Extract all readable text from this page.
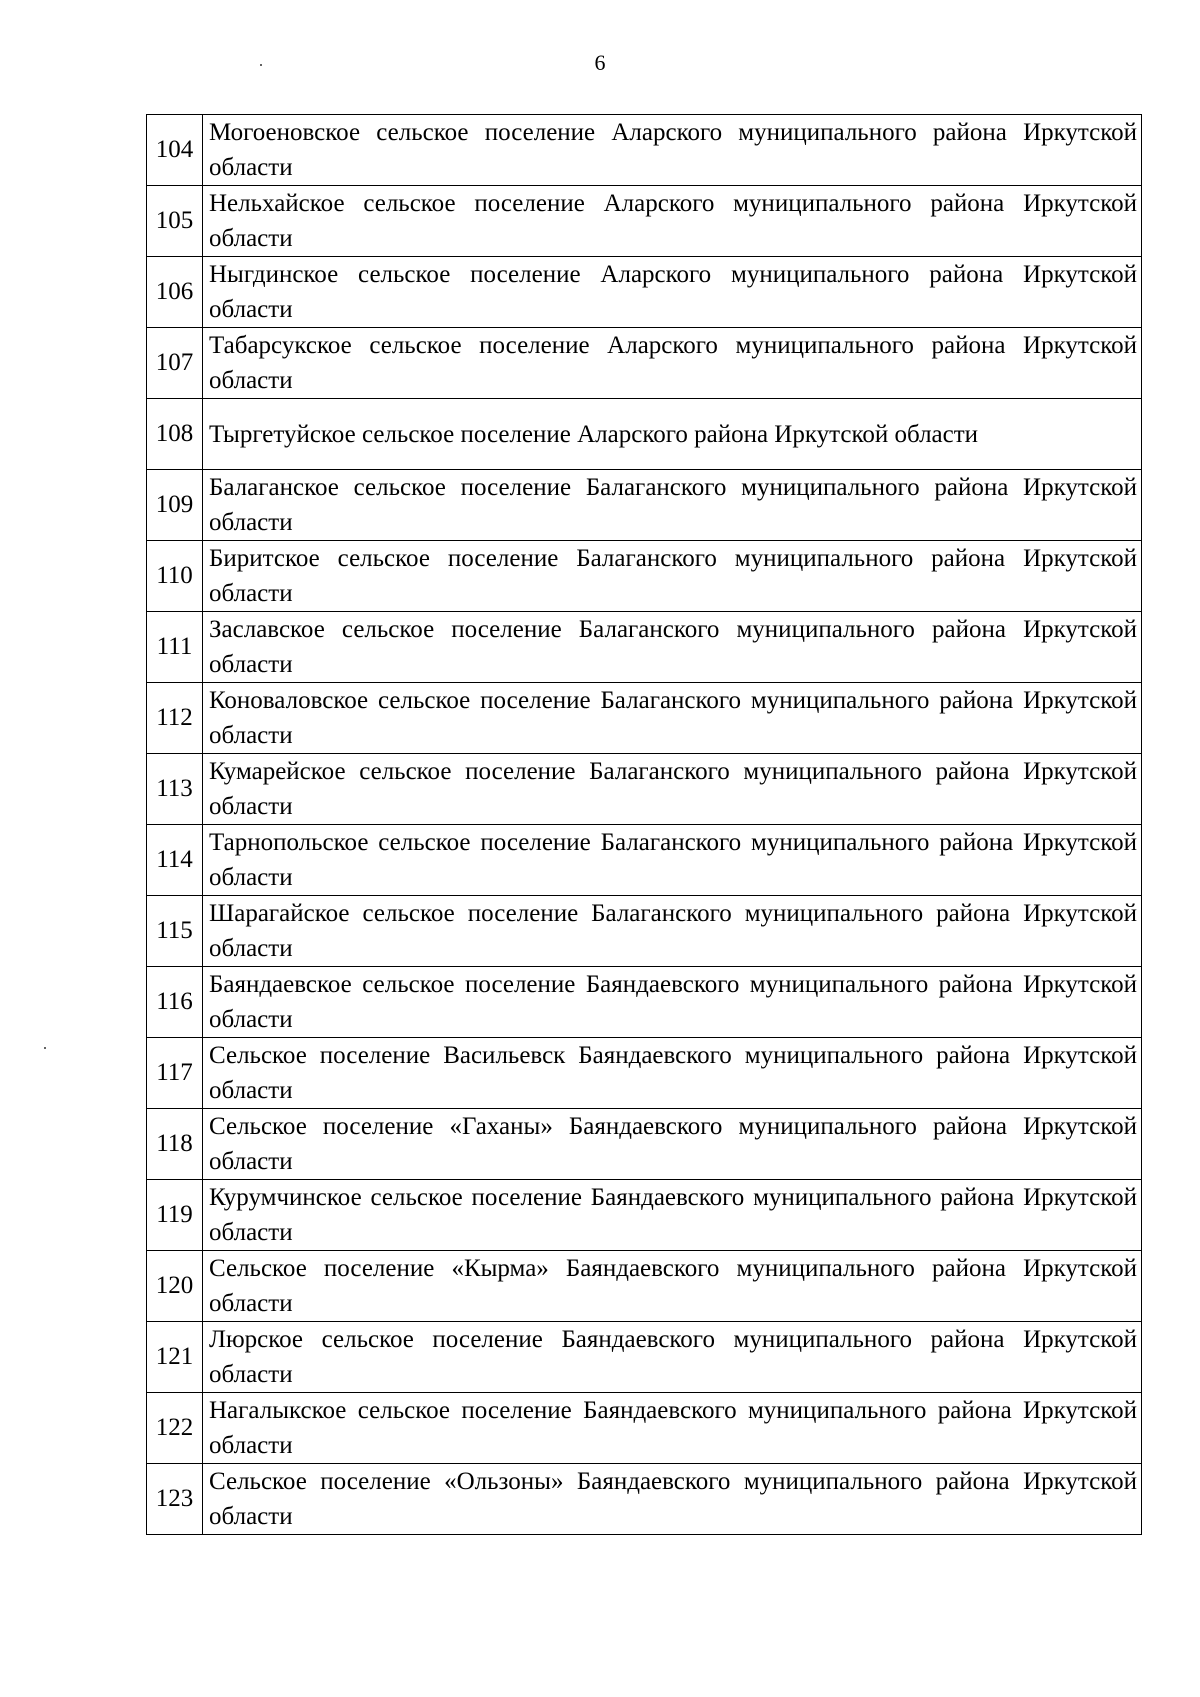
6
104	Могоеновское сельское поселение Аларского муниципального района Иркутской области
105	Нельхайское сельское поселение Аларского муниципального района Иркутской области
106	Ныгдинское сельское поселение Аларского муниципального района Иркутской области
107	Табарсукское сельское поселение Аларского муниципального района Иркутской области
108	Тыргетуйское сельское поселение Аларского района Иркутской области
109	Балаганское сельское поселение Балаганского муниципального района Иркутской области
110	Биритское сельское поселение Балаганского муниципального района Иркутской области
111	Заславское сельское поселение Балаганского муниципального района Иркутской области
112	Коноваловское сельское поселение Балаганского муниципального района Иркутской области
113	Кумарейское сельское поселение Балаганского муниципального района Иркутской области
114	Тарнопольское сельское поселение Балаганского муниципального района Иркутской области
115	Шарагайское сельское поселение Балаганского муниципального района Иркутской области
116	Баяндаевское сельское поселение Баяндаевского муниципального района Иркутской области
117	Сельское поселение Васильевск Баяндаевского муниципального района Иркутской области
118	Сельское поселение «Гаханы» Баяндаевского муниципального района Иркутской области
119	Курумчинское сельское поселение Баяндаевского муниципального района Иркутской области
120	Сельское поселение «Кырма» Баяндаевского муниципального района Иркутской области
121	Люрское сельское поселение Баяндаевского муниципального района Иркутской области
122	Нагалыкское сельское поселение Баяндаевского муниципального района Иркутской области
123	Сельское поселение «Ользоны» Баяндаевского муниципального района Иркутской области
